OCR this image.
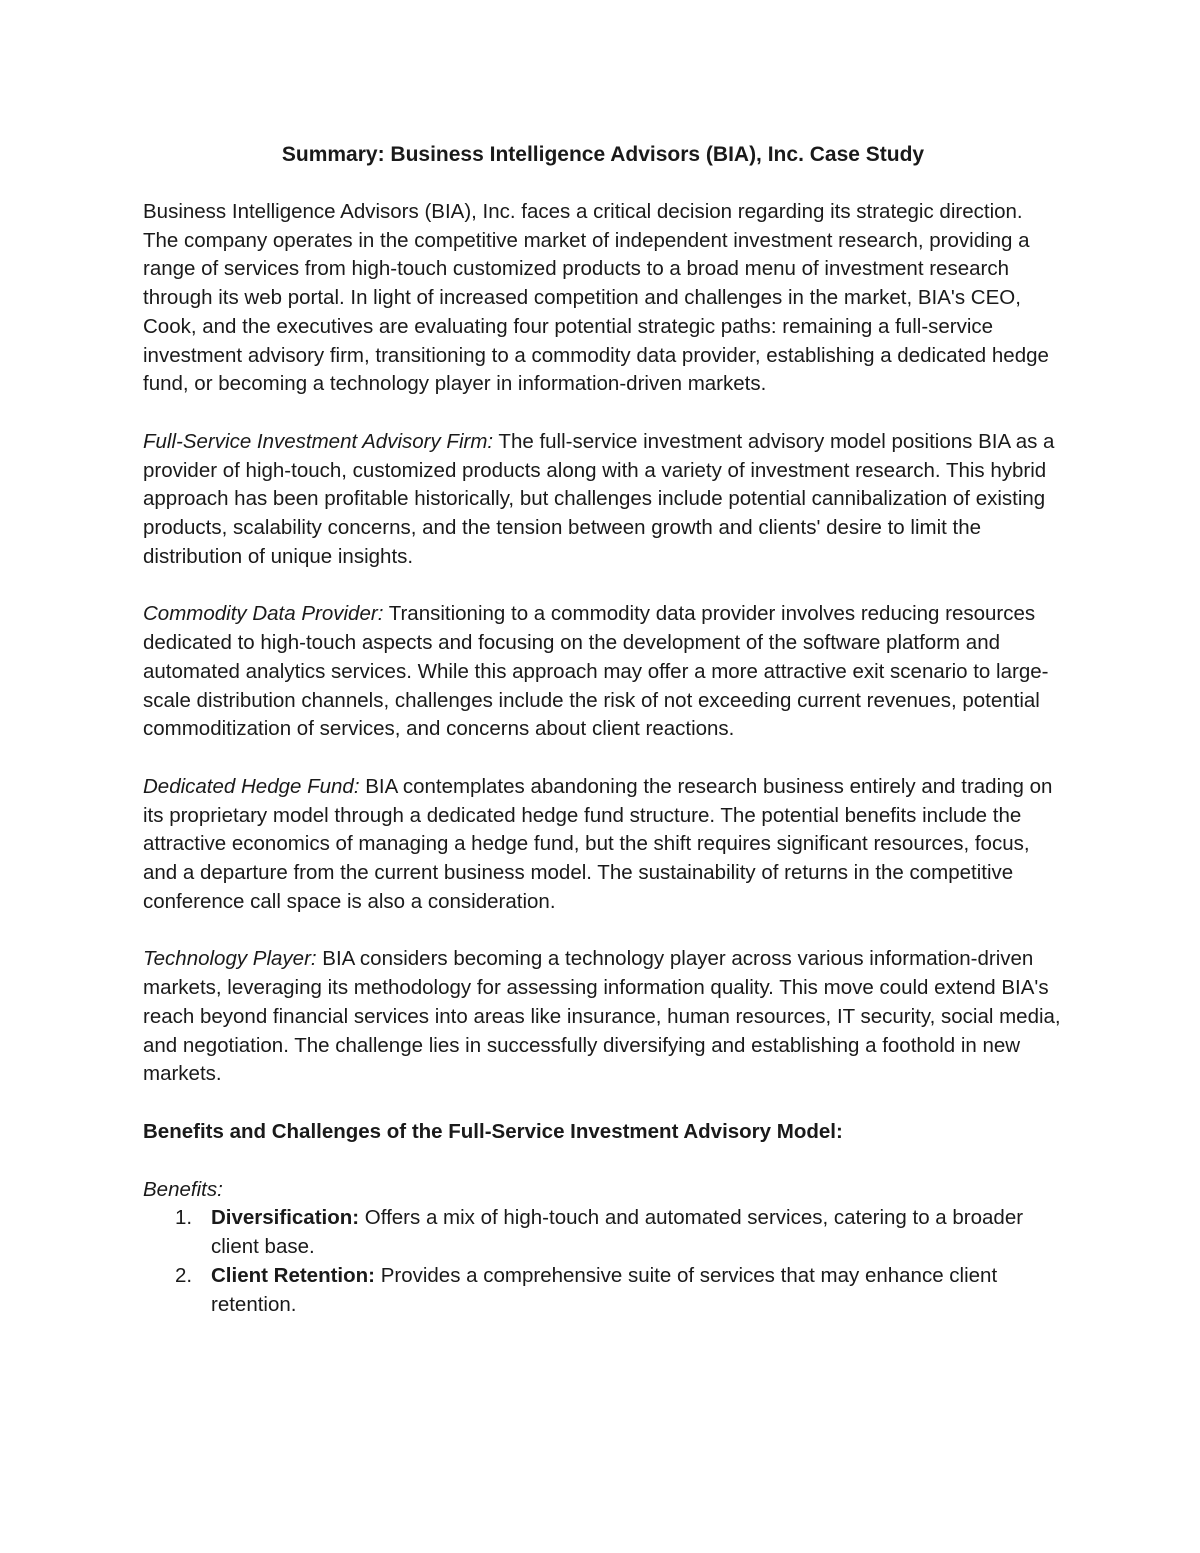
Summary: Business Intelligence Advisors (BIA), Inc. Case Study

Business Intelligence Advisors (BIA), Inc. faces a critical decision regarding its strategic direction. The company operates in the competitive market of independent investment research, providing a range of services from high-touch customized products to a broad menu of investment research through its web portal. In light of increased competition and challenges in the market, BIA's CEO, Cook, and the executives are evaluating four potential strategic paths: remaining a full-service investment advisory firm, transitioning to a commodity data provider, establishing a dedicated hedge fund, or becoming a technology player in information-driven markets.

Full-Service Investment Advisory Firm: The full-service investment advisory model positions BIA as a provider of high-touch, customized products along with a variety of investment research. This hybrid approach has been profitable historically, but challenges include potential cannibalization of existing products, scalability concerns, and the tension between growth and clients' desire to limit the distribution of unique insights.

Commodity Data Provider: Transitioning to a commodity data provider involves reducing resources dedicated to high-touch aspects and focusing on the development of the software platform and automated analytics services. While this approach may offer a more attractive exit scenario to large-scale distribution channels, challenges include the risk of not exceeding current revenues, potential commoditization of services, and concerns about client reactions.

Dedicated Hedge Fund: BIA contemplates abandoning the research business entirely and trading on its proprietary model through a dedicated hedge fund structure. The potential benefits include the attractive economics of managing a hedge fund, but the shift requires significant resources, focus, and a departure from the current business model. The sustainability of returns in the competitive conference call space is also a consideration.

Technology Player: BIA considers becoming a technology player across various information-driven markets, leveraging its methodology for assessing information quality. This move could extend BIA's reach beyond financial services into areas like insurance, human resources, IT security, social media, and negotiation. The challenge lies in successfully diversifying and establishing a foothold in new markets.

Benefits and Challenges of the Full-Service Investment Advisory Model:
Benefits:
1. Diversification: Offers a mix of high-touch and automated services, catering to a broader client base.
2. Client Retention: Provides a comprehensive suite of services that may enhance client retention.
